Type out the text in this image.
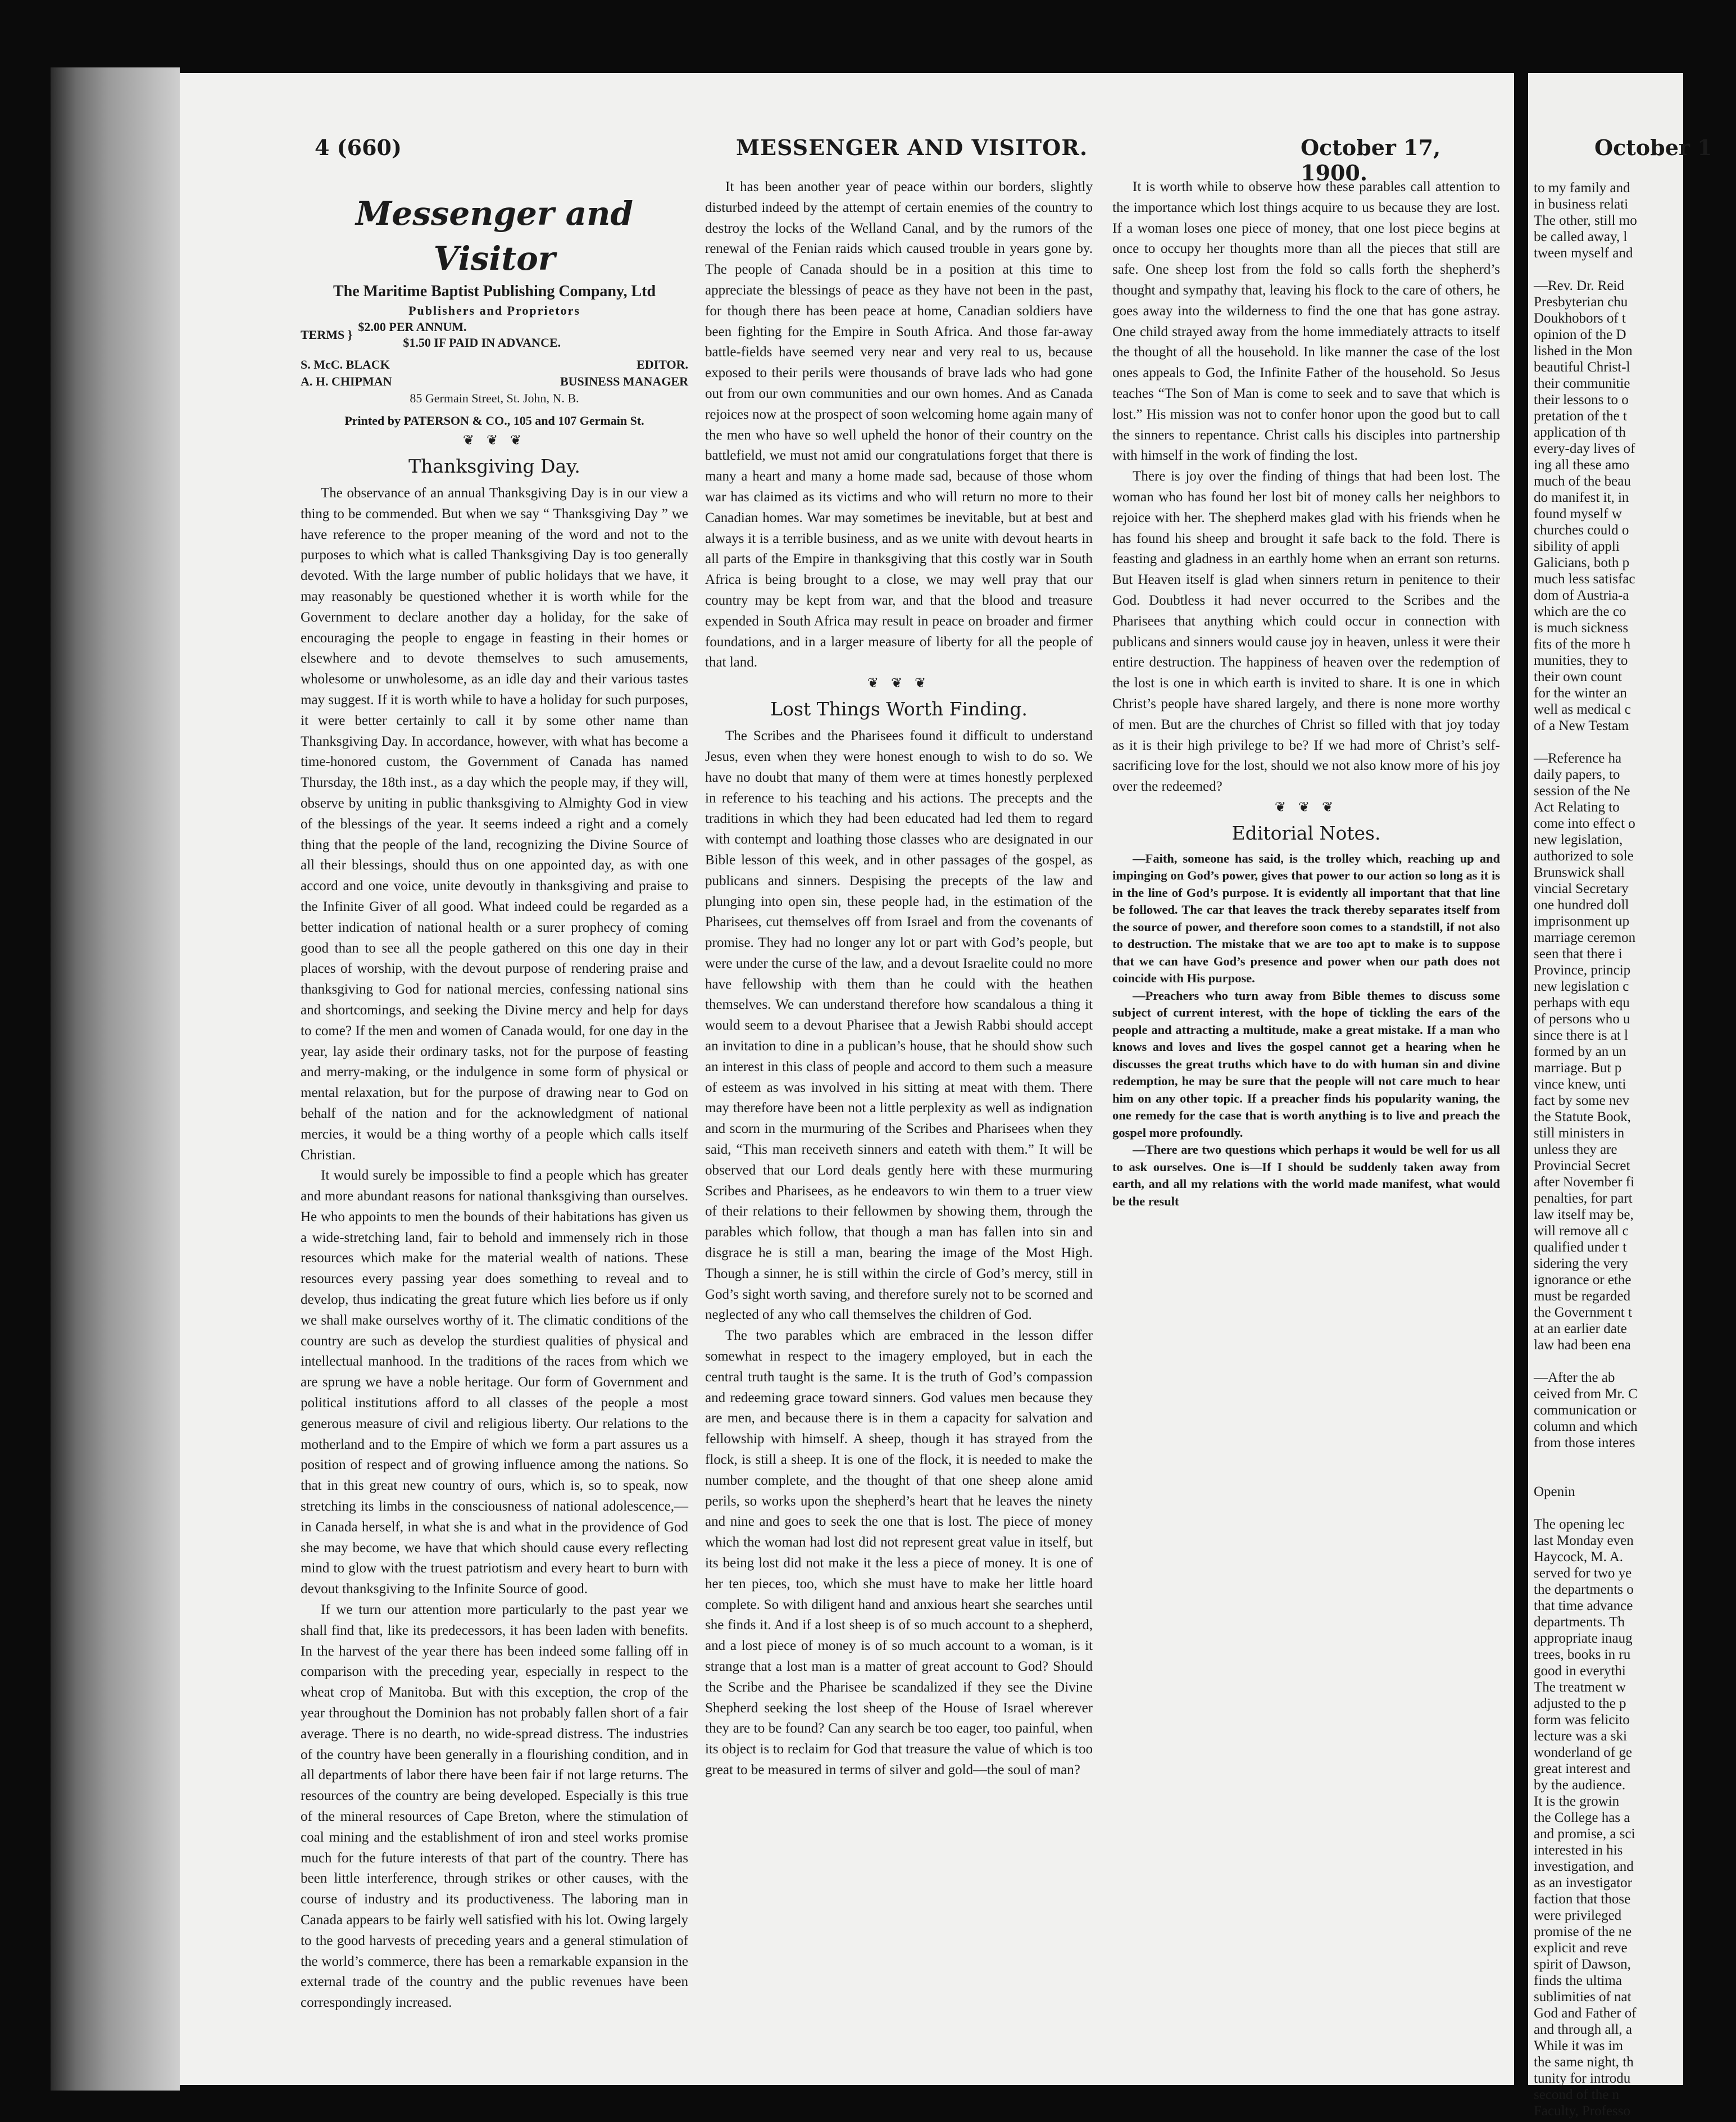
4 (660)	MESSENGER AND VISITOR.	October 17, 1900.
Messenger and Visitor
The Maritime Baptist Publishing Company, Ltd
Publishers and Proprietors
TERMS }
$2.00 PER ANNUM.
$1.50 IF PAID IN ADVANCE.
S. McC. BLACK	EDITOR.
A. H. CHIPMAN	BUSINESS MANAGER
85 Germain Street, St. John, N. B.
Printed by PATERSON & CO., 105 and 107 Germain St.
❦ ❦ ❦
Thanksgiving Day.

The observance of an annual Thanksgiving Day is in our view a thing to be commended. But when we say “ Thanksgiving Day ” we have reference to the proper meaning of the word and not to the purposes to which what is called Thanksgiving Day is too generally devoted. With the large number of public holidays that we have, it may reasonably be questioned whether it is worth while for the Government to declare another day a holiday, for the sake of encouraging the people to engage in feasting in their homes or elsewhere and to devote themselves to such amusements, wholesome or unwholesome, as an idle day and their various tastes may suggest. If it is worth while to have a holiday for such purposes, it were better certainly to call it by some other name than Thanksgiving Day. In accordance, however, with what has become a time-honored custom, the Government of Canada has named Thursday, the 18th inst., as a day which the people may, if they will, observe by uniting in public thanksgiving to Almighty God in view of the blessings of the year. It seems indeed a right and a comely thing that the people of the land, recognizing the Divine Source of all their blessings, should thus on one appointed day, as with one accord and one voice, unite devoutly in thanksgiving and praise to the Infinite Giver of all good. What indeed could be regarded as a better indication of national health or a surer prophecy of coming good than to see all the people gathered on this one day in their places of worship, with the devout purpose of rendering praise and thanksgiving to God for national mercies, confessing national sins and shortcomings, and seeking the Divine mercy and help for days to come? If the men and women of Canada would, for one day in the year, lay aside their ordinary tasks, not for the purpose of feasting and merry-making, or the indulgence in some form of physical or mental relaxation, but for the purpose of drawing near to God on behalf of the nation and for the acknowledgment of national mercies, it would be a thing worthy of a people which calls itself Christian.

It would surely be impossible to find a people which has greater and more abundant reasons for national thanksgiving than ourselves. He who appoints to men the bounds of their habitations has given us a wide-stretching land, fair to behold and immensely rich in those resources which make for the material wealth of nations. These resources every passing year does something to reveal and to develop, thus indicating the great future which lies before us if only we shall make ourselves worthy of it. The climatic conditions of the country are such as develop the sturdiest qualities of physical and intellectual manhood. In the traditions of the races from which we are sprung we have a noble heritage. Our form of Government and political institutions afford to all classes of the people a most generous measure of civil and religious liberty. Our relations to the motherland and to the Empire of which we form a part assures us a position of respect and of growing influence among the nations. So that in this great new country of ours, which is, so to speak, now stretching its limbs in the consciousness of national adolescence,—in Canada herself, in what she is and what in the providence of God she may become, we have that which should cause every reflecting mind to glow with the truest patriotism and every heart to burn with devout thanksgiving to the Infinite Source of good.

If we turn our attention more particularly to the past year we shall find that, like its predecessors, it has been laden with benefits. In the harvest of the year there has been indeed some falling off in comparison with the preceding year, especially in respect to the wheat crop of Manitoba. But with this exception, the crop of the year throughout the Dominion has not probably fallen short of a fair average. There is no dearth, no wide-spread distress. The industries of the country have been generally in a flourishing condition, and in all departments of labor there have been fair if not large returns. The resources of the country are being developed. Especially is this true of the mineral resources of Cape Breton, where the stimulation of coal mining and the establishment of iron and steel works promise much for the future interests of that part of the country. There has been little interference, through strikes or other causes, with the course of industry and its productiveness. The laboring man in Canada appears to be fairly well satisfied with his lot. Owing largely to the good harvests of preceding years and a general stimulation of the world’s commerce, there has been a remarkable expansion in the external trade of the country and the public revenues have been correspondingly increased.

It has been another year of peace within our borders, slightly disturbed indeed by the attempt of certain enemies of the country to destroy the locks of the Welland Canal, and by the rumors of the renewal of the Fenian raids which caused trouble in years gone by. The people of Canada should be in a position at this time to appreciate the blessings of peace as they have not been in the past, for though there has been peace at home, Canadian soldiers have been fighting for the Empire in South Africa. And those far-away battle-fields have seemed very near and very real to us, because exposed to their perils were thousands of brave lads who had gone out from our own communities and our own homes. And as Canada rejoices now at the prospect of soon welcoming home again many of the men who have so well upheld the honor of their country on the battlefield, we must not amid our congratulations forget that there is many a heart and many a home made sad, because of those whom war has claimed as its victims and who will return no more to their Canadian homes. War may sometimes be inevitable, but at best and always it is a terrible business, and as we unite with devout hearts in all parts of the Empire in thanksgiving that this costly war in South Africa is being brought to a close, we may well pray that our country may be kept from war, and that the blood and treasure expended in South Africa may result in peace on broader and firmer foundations, and in a larger measure of liberty for all the people of that land.

❦ ❦ ❦
Lost Things Worth Finding.

The Scribes and the Pharisees found it difficult to understand Jesus, even when they were honest enough to wish to do so. We have no doubt that many of them were at times honestly perplexed in reference to his teaching and his actions. The precepts and the traditions in which they had been educated had led them to regard with contempt and loathing those classes who are designated in our Bible lesson of this week, and in other passages of the gospel, as publicans and sinners. Despising the precepts of the law and plunging into open sin, these people had, in the estimation of the Pharisees, cut themselves off from Israel and from the covenants of promise. They had no longer any lot or part with God’s people, but were under the curse of the law, and a devout Israelite could no more have fellowship with them than he could with the heathen themselves. We can understand therefore how scandalous a thing it would seem to a devout Pharisee that a Jewish Rabbi should accept an invitation to dine in a publican’s house, that he should show such an interest in this class of people and accord to them such a measure of esteem as was involved in his sitting at meat with them. There may therefore have been not a little perplexity as well as indignation and scorn in the murmuring of the Scribes and Pharisees when they said, “This man receiveth sinners and eateth with them.” It will be observed that our Lord deals gently here with these murmuring Scribes and Pharisees, as he endeavors to win them to a truer view of their relations to their fellowmen by showing them, through the parables which follow, that though a man has fallen into sin and disgrace he is still a man, bearing the image of the Most High. Though a sinner, he is still within the circle of God’s mercy, still in God’s sight worth saving, and therefore surely not to be scorned and neglected of any who call themselves the children of God.

The two parables which are embraced in the lesson differ somewhat in respect to the imagery employed, but in each the central truth taught is the same. It is the truth of God’s compassion and redeeming grace toward sinners. God values men because they are men, and because there is in them a capacity for salvation and fellowship with himself. A sheep, though it has strayed from the flock, is still a sheep. It is one of the flock, it is needed to make the number complete, and the thought of that one sheep alone amid perils, so works upon the shepherd’s heart that he leaves the ninety and nine and goes to seek the one that is lost. The piece of money which the woman had lost did not represent great value in itself, but its being lost did not make it the less a piece of money. It is one of her ten pieces, too, which she must have to make her little hoard complete. So with diligent hand and anxious heart she searches until she finds it. And if a lost sheep is of so much account to a shepherd, and a lost piece of money is of so much account to a woman, is it strange that a lost man is a matter of great account to God? Should the Scribe and the Pharisee be scandalized if they see the Divine Shepherd seeking the lost sheep of the House of Israel wherever they are to be found? Can any search be too eager, too painful, when its object is to reclaim for God that treasure the value of which is too great to be measured in terms of silver and gold—the soul of man?

It is worth while to observe how these parables call attention to the importance which lost things acquire to us because they are lost. If a woman loses one piece of money, that one lost piece begins at once to occupy her thoughts more than all the pieces that still are safe. One sheep lost from the fold so calls forth the shepherd’s thought and sympathy that, leaving his flock to the care of others, he goes away into the wilderness to find the one that has gone astray. One child strayed away from the home immediately attracts to itself the thought of all the household. In like manner the case of the lost ones appeals to God, the Infinite Father of the household. So Jesus teaches “The Son of Man is come to seek and to save that which is lost.” His mission was not to confer honor upon the good but to call the sinners to repentance. Christ calls his disciples into partnership with himself in the work of finding the lost.

There is joy over the finding of things that had been lost. The woman who has found her lost bit of money calls her neighbors to rejoice with her. The shepherd makes glad with his friends when he has found his sheep and brought it safe back to the fold. There is feasting and gladness in an earthly home when an errant son returns. But Heaven itself is glad when sinners return in penitence to their God. Doubtless it had never occurred to the Scribes and the Pharisees that anything which could occur in connection with publicans and sinners would cause joy in heaven, unless it were their entire destruction. The happiness of heaven over the redemption of the lost is one in which earth is invited to share. It is one in which Christ’s people have shared largely, and there is none more worthy of men. But are the churches of Christ so filled with that joy today as it is their high privilege to be? If we had more of Christ’s self-sacrificing love for the lost, should we not also know more of his joy over the redeemed?

❦ ❦ ❦
Editorial Notes.

—Faith, someone has said, is the trolley which, reaching up and impinging on God’s power, gives that power to our action so long as it is in the line of God’s purpose. It is evidently all important that that line be followed. The car that leaves the track thereby separates itself from the source of power, and therefore soon comes to a standstill, if not also to destruction. The mistake that we are too apt to make is to suppose that we can have God’s presence and power when our path does not coincide with His purpose.

—Preachers who turn away from Bible themes to discuss some subject of current interest, with the hope of tickling the ears of the people and attracting a multitude, make a great mistake. If a man who knows and loves and lives the gospel cannot get a hearing when he discusses the great truths which have to do with human sin and divine redemption, he may be sure that the people will not care much to hear him on any other topic. If a preacher finds his popularity waning, the one remedy for the case that is worth anything is to live and preach the gospel more profoundly.

—There are two questions which perhaps it would be well for us all to ask ourselves. One is—If I should be suddenly taken away from earth, and all my relations with the world made manifest, what would be the result

October 1
to my family and
in business relati
The other, still mo
be called away, l
tween myself and
—Rev. Dr. Reid
Presbyterian chu
Doukhobors of t
opinion of the D
lished in the Mon
beautiful Christ-l
their communitie
their lessons to o
pretation of the t
application of th
every-day lives of
ing all these amo
much of the beau
do manifest it, in
found myself w
churches could o
sibility of appli
Galicians, both p
much less satisfac
dom of Austria-a
which are the co
is much sickness
fits of the more h
munities, they to
their own count
for the winter an
well as medical c
of a New Testam
—Reference ha
daily papers, to
session of the Ne
Act Relating to
come into effect o
new legislation,
authorized to sole
Brunswick shall
vincial Secretary
one hundred doll
imprisonment up
marriage ceremon
seen that there i
Province, princip
new legislation c
perhaps with equ
of persons who u
since there is at l
formed by an un
marriage. But p
vince knew, unti
fact by some nev
the Statute Book,
still ministers in
unless they are
Provincial Secret
after November fi
penalties, for part
law itself may be,
will remove all c
qualified under t
sidering the very
ignorance or ethe
must be regarded
the Government t
at an earlier date
law had been ena
—After the ab
ceived from Mr. C
communication or
column and which
from those interes
Openin
The opening lec
last Monday even
Haycock, M. A.
served for two ye
the departments o
that time advance
departments. Th
appropriate inaug
trees, books in ru
good in everythi
The treatment w
adjusted to the p
form was felicito
lecture was a ski
wonderland of ge
great interest and
by the audience.
It is the growin
the College has a
and promise, a sci
interested in his
investigation, and
as an investigator
faction that those
were privileged
promise of the ne
explicit and reve
spirit of Dawson,
finds the ultima
sublimities of nat
God and Father of
and through all, a
While it was im
the same night, th
tunity for introdu
second of the n
Faculty, Professo
